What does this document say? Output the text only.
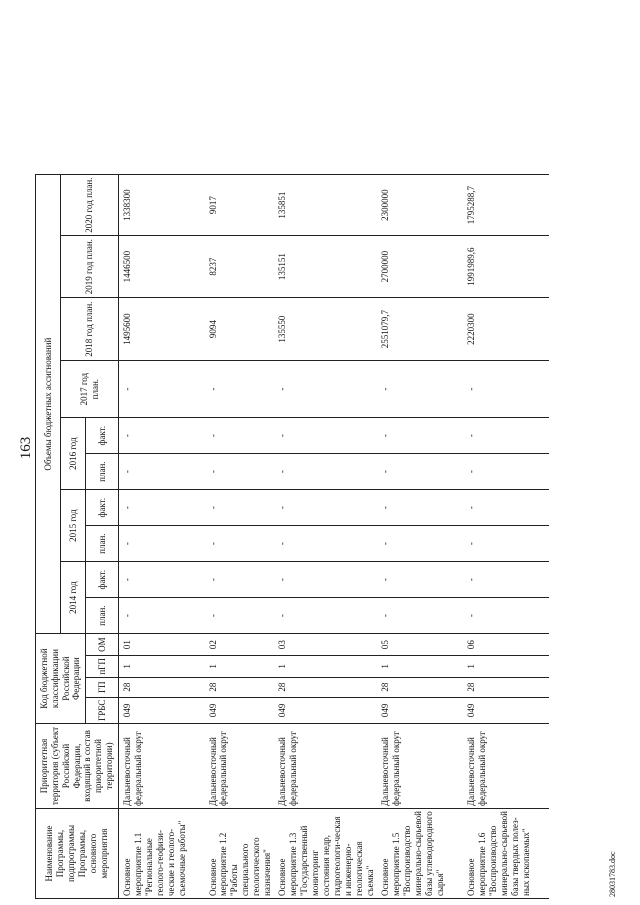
163
Наименование Программы, подпрограммы Программы, основного мероприятия	Приоритетная территория (субъект Российской Федерации, входящий в состав приоритетной территории)	Код бюджетной классификации Российской Федерации				Объемы бюджетных ассигнований									
						2014 год		2015 год		2016 год		2017 год план.	2018 год план.	2019 год план.	2020 год план.
		ГРБС	ГП	пГП	ОМ	план.	факт.	план.	факт.	план.	факт.				
Основное мероприятие 1.1 "Региональные геолого-геофизи-ческие и геолого-съемочные работы"	Дальневосточный федеральный округ	049	28	1	01	-	-	-	-	-	-	-	1495600	1446500	1338300
Основное мероприятие 1.2 "Работы специального геологического назначения"	Дальневосточный федеральный округ	049	28	1	02	-	-	-	-	-	-	-	9094	8237	9017
Основное мероприятие 1.3 "Государственный мониторинг состояния недр, гидрогеологи-ческая и инженерно-геологическая съемка"	Дальневосточный федеральный округ	049	28	1	03	-	-	-	-	-	-	-	135550	135151	135851
Основное мероприятие 1.5 "Воспроизводство минерально-сырьевой базы углеводородного сырья"	Дальневосточный федеральный округ	049	28	1	05	-	-	-	-	-	-	-	2551079,7	2700000	2300000
Основное мероприятие 1.6 "Воспроизводство минерально-сырьевой базы твердых полез-ных ископаемых"	Дальневосточный федеральный округ	049	28	1	06	-	-	-	-	-	-	-	2220300	1991989,6	1795288,7
28031783.doc
